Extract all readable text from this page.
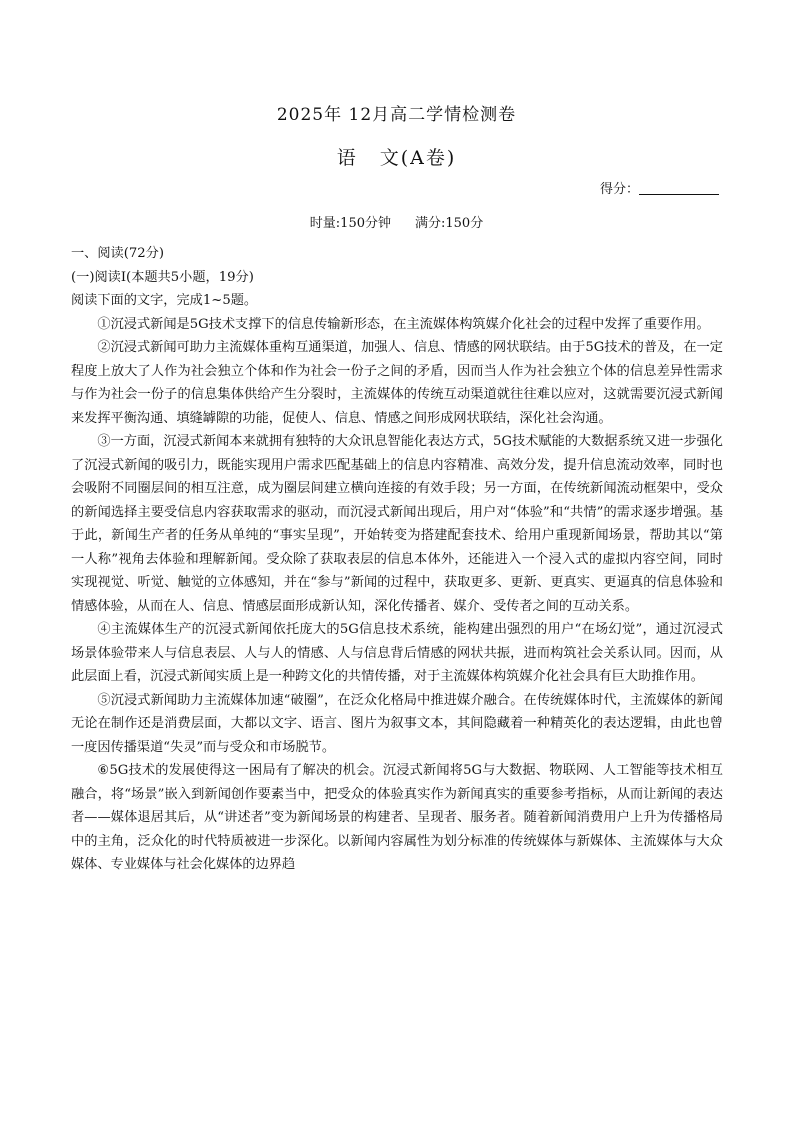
2025年 12月高二学情检测卷
语 文(A卷)
得分：
时量:150分钟 满分:150分

一、阅读(72分)

(一)阅读Ⅰ(本题共5小题，19分)

阅读下面的文字，完成1~5题。

①沉浸式新闻是5G技术支撑下的信息传输新形态，在主流媒体构筑媒介化社会的过程中发挥了重要作用。

②沉浸式新闻可助力主流媒体重构互通渠道，加强人、信息、情感的网状联结。由于5G技术的普及，在一定程度上放大了人作为社会独立个体和作为社会一份子之间的矛盾，因而当人作为社会独立个体的信息差异性需求与作为社会一份子的信息集体供给产生分裂时，主流媒体的传统互动渠道就往往难以应对，这就需要沉浸式新闻来发挥平衡沟通、填缝罅隙的功能，促使人、信息、情感之间形成网状联结，深化社会沟通。

③一方面，沉浸式新闻本来就拥有独特的大众讯息智能化表达方式，5G技术赋能的大数据系统又进一步强化了沉浸式新闻的吸引力，既能实现用户需求匹配基础上的信息内容精准、高效分发，提升信息流动效率，同时也会吸附不同圈层间的相互注意，成为圈层间建立横向连接的有效手段；另一方面，在传统新闻流动框架中，受众的新闻选择主要受信息内容获取需求的驱动，而沉浸式新闻出现后，用户对“体验”和“共情”的需求逐步增强。基于此，新闻生产者的任务从单纯的“事实呈现”，开始转变为搭建配套技术、给用户重现新闻场景，帮助其以“第一人称”视角去体验和理解新闻。受众除了获取表层的信息本体外，还能进入一个浸入式的虚拟内容空间，同时实现视觉、听觉、触觉的立体感知，并在“参与”新闻的过程中，获取更多、更新、更真实、更逼真的信息体验和情感体验，从而在人、信息、情感层面形成新认知，深化传播者、媒介、受传者之间的互动关系。

④主流媒体生产的沉浸式新闻依托庞大的5G信息技术系统，能构建出强烈的用户“在场幻觉”，通过沉浸式场景体验带来人与信息表层、人与人的情感、人与信息背后情感的网状共振，进而构筑社会关系认同。因而，从此层面上看，沉浸式新闻实质上是一种跨文化的共情传播，对于主流媒体构筑媒介化社会具有巨大助推作用。

⑤沉浸式新闻助力主流媒体加速“破圈”，在泛众化格局中推进媒介融合。在传统媒体时代，主流媒体的新闻无论在制作还是消费层面，大都以文字、语言、图片为叙事文本，其间隐藏着一种精英化的表达逻辑，由此也曾一度因传播渠道“失灵”而与受众和市场脱节。

⑥5G技术的发展使得这一困局有了解决的机会。沉浸式新闻将5G与大数据、物联网、人工智能等技术相互融合，将“场景”嵌入到新闻创作要素当中，把受众的体验真实作为新闻真实的重要参考指标，从而让新闻的表达者——媒体退居其后，从“讲述者”变为新闻场景的构建者、呈现者、服务者。随着新闻消费用户上升为传播格局中的主角，泛众化的时代特质被进一步深化。以新闻内容属性为划分标准的传统媒体与新媒体、主流媒体与大众媒体、专业媒体与社会化媒体的边界趋
